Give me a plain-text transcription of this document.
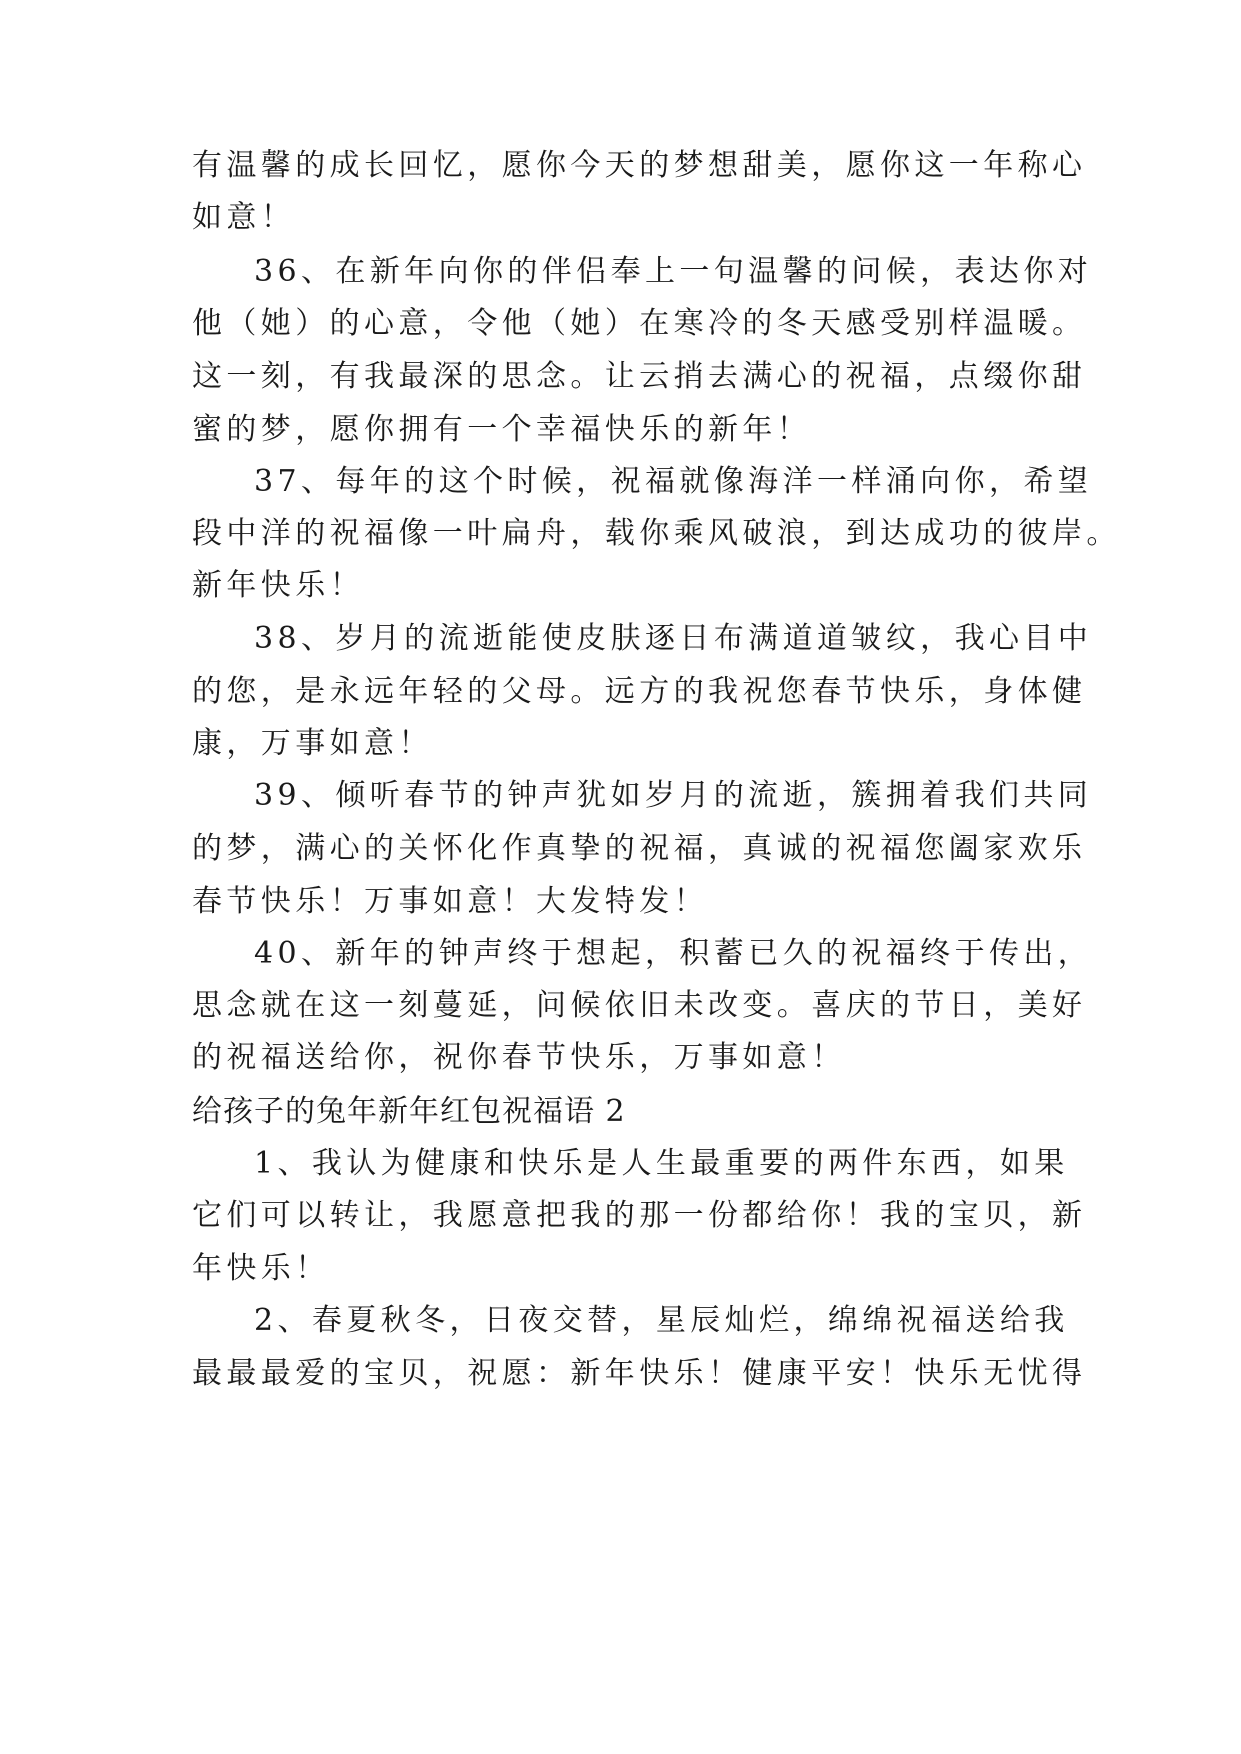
有温馨的成长回忆，愿你今天的梦想甜美，愿你这一年称心
如意！
36、在新年向你的伴侣奉上一句温馨的问候，表达你对
他（她）的心意，令他（她）在寒冷的冬天感受别样温暖。
这一刻，有我最深的思念。让云捎去满心的祝福，点缀你甜
蜜的梦，愿你拥有一个幸福快乐的新年！
37、每年的这个时候，祝福就像海洋一样涌向你，希望
段中洋的祝福像一叶扁舟，载你乘风破浪，到达成功的彼岸。
新年快乐！
38、岁月的流逝能使皮肤逐日布满道道皱纹，我心目中
的您，是永远年轻的父母。远方的我祝您春节快乐，身体健
康，万事如意！
39、倾听春节的钟声犹如岁月的流逝，簇拥着我们共同
的梦，满心的关怀化作真挚的祝福，真诚的祝福您阖家欢乐
春节快乐！万事如意！大发特发！
40、新年的钟声终于想起，积蓄已久的祝福终于传出，
思念就在这一刻蔓延，问候依旧未改变。喜庆的节日，美好
的祝福送给你，祝你春节快乐，万事如意！
给孩子的兔年新年红包祝福语 2
1、我认为健康和快乐是人生最重要的两件东西，如果
它们可以转让，我愿意把我的那一份都给你！我的宝贝，新
年快乐！
2、春夏秋冬，日夜交替，星辰灿烂，绵绵祝福送给我
最最最爱的宝贝，祝愿：新年快乐！健康平安！快乐无忧得
